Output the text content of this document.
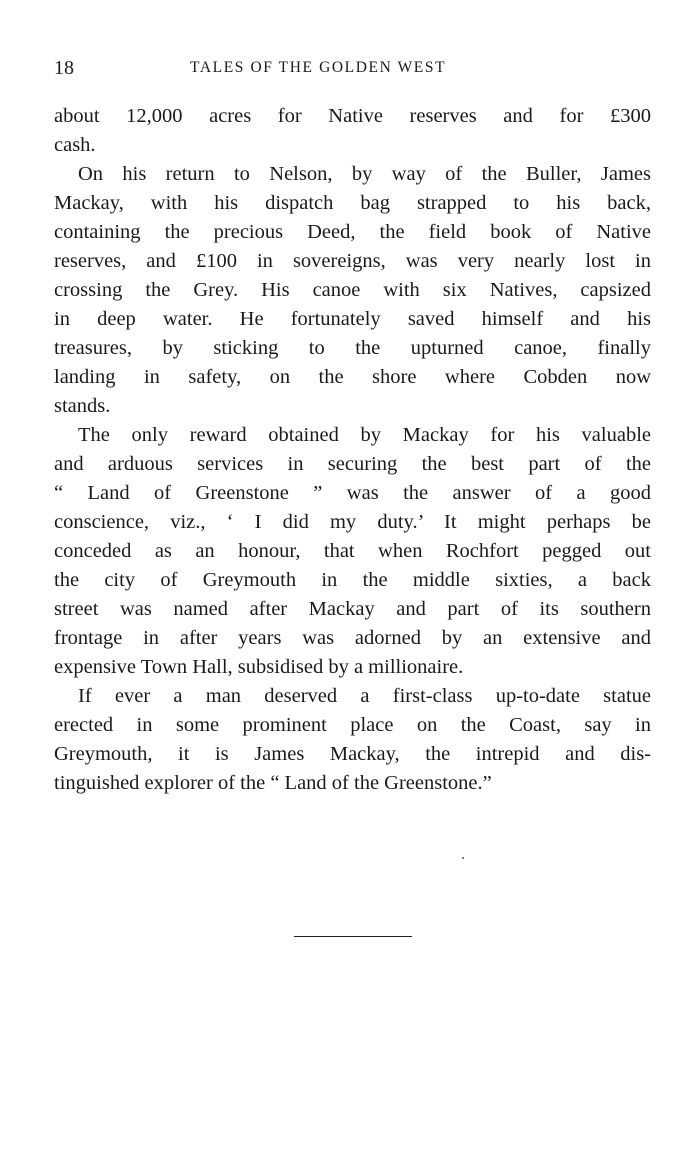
18	TALES OF THE GOLDEN WEST
about 12,000 acres for Native reserves and for £300
cash.
On his return to Nelson, by way of the Buller, James
Mackay, with his dispatch bag strapped to his back,
containing the precious Deed, the field book of Native
reserves, and £100 in sovereigns, was very nearly lost in
crossing the Grey. His canoe with six Natives, capsized
in deep water. He fortunately saved himself and his
treasures, by sticking to the upturned canoe, finally
landing in safety, on the shore where Cobden now
stands.
The only reward obtained by Mackay for his valuable
and arduous services in securing the best part of the
“ Land of Greenstone ” was the answer of a good
conscience, viz., ‘ I did my duty.’ It might perhaps be
conceded as an honour, that when Rochfort pegged out
the city of Greymouth in the middle sixties, a back
street was named after Mackay and part of its southern
frontage in after years was adorned by an extensive and
expensive Town Hall, subsidised by a millionaire.
If ever a man deserved a first-class up-to-date statue
erected in some prominent place on the Coast, say in
Greymouth, it is James Mackay, the intrepid and dis-
tinguished explorer of the “ Land of the Greenstone.”
